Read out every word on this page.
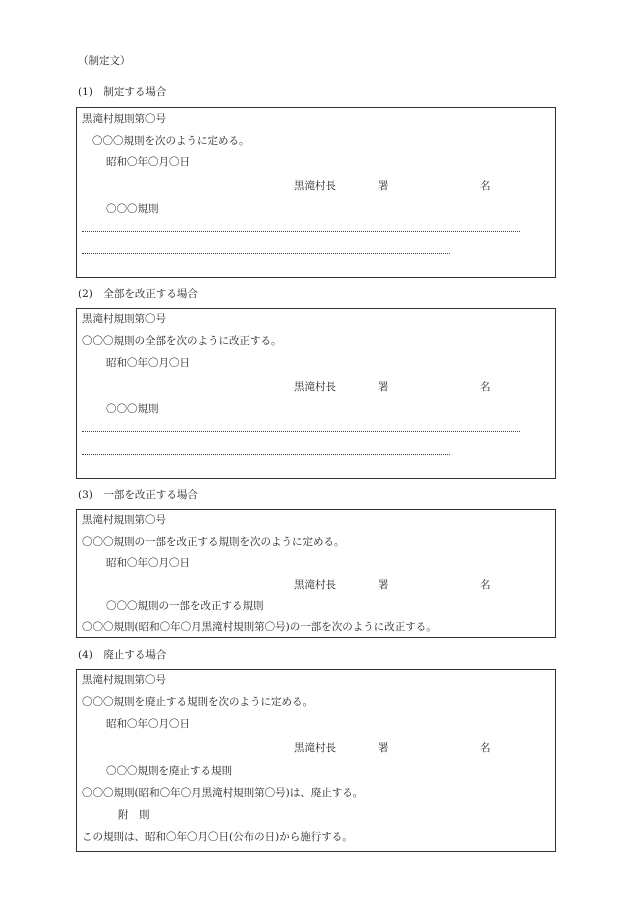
（制定文）
(1)　制定する場合
黒滝村規則第〇号
〇〇〇規則を次のように定める。
昭和〇年〇月〇日
黒滝村長	署	名
〇〇〇規則
(2)　全部を改正する場合
黒滝村規則第〇号
〇〇〇規則の全部を次のように改正する。
昭和〇年〇月〇日
黒滝村長	署	名
〇〇〇規則
(3)　一部を改正する場合
黒滝村規則第〇号
〇〇〇規則の一部を改正する規則を次のように定める。
昭和〇年〇月〇日
黒滝村長	署	名
〇〇〇規則の一部を改正する規則
〇〇〇規則(昭和〇年〇月黒滝村規則第〇号)の一部を次のように改正する。
(4)　廃止する場合
黒滝村規則第〇号
〇〇〇規則を廃止する規則を次のように定める。
昭和〇年〇月〇日
黒滝村長	署	名
〇〇〇規則を廃止する規則
〇〇〇規則(昭和〇年〇月黒滝村規則第〇号)は、廃止する。
附　則
この規則は、昭和〇年〇月〇日(公布の日)から施行する。
